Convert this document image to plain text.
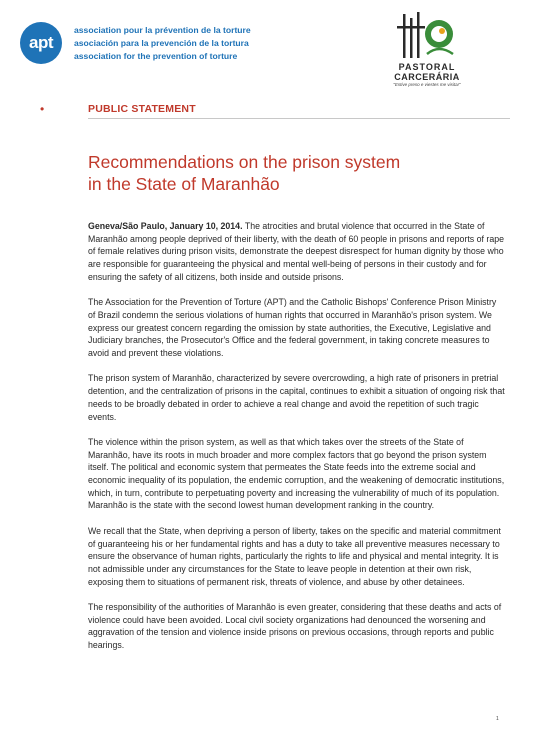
apt
association pour la prévention de la torture
asociación para la prevención de la tortura
association for the prevention of torture
PASTORAL
CARCERÁRIA
"Estive preso e viestes me visitar"
•	PUBLIC STATEMENT
Recommendations on the prison system
in the State of Maranhão

Geneva/São Paulo, January 10, 2014. The atrocities and brutal violence that occurred in the State of Maranhão among people deprived of their liberty, with the death of 60 people in prisons and reports of rape of female relatives during prison visits, demonstrate the deepest disrespect for human dignity by those who are responsible for guaranteeing the physical and mental well-being of persons in their custody and for ensuring the safety of all citizens, both inside and outside prisons.

The Association for the Prevention of Torture (APT) and the Catholic Bishops' Conference Prison Ministry of Brazil condemn the serious violations of human rights that occurred in Maranhão's prison system. We express our greatest concern regarding the omission by state authorities, the Executive, Legislative and Judiciary branches, the Prosecutor's Office and the federal government, in taking concrete measures to avoid and prevent these violations.

The prison system of Maranhão, characterized by severe overcrowding, a high rate of prisoners in pretrial detention, and the centralization of prisons in the capital, continues to exhibit a situation of ongoing risk that needs to be broadly debated in order to achieve a real change and avoid the repetition of such tragic events.

The violence within the prison system, as well as that which takes over the streets of the State of Maranhão, have its roots in much broader and more complex factors that go beyond the prison system itself. The political and economic system that permeates the State feeds into the extreme social and economic inequality of its population, the endemic corruption, and the weakening of democratic institutions, which, in turn, contribute to perpetuating poverty and increasing the vulnerability of much of its population. Maranhão is the state with the second lowest human development ranking in the country.

We recall that the State, when depriving a person of liberty, takes on the specific and material commitment of guaranteeing his or her fundamental rights and has a duty to take all preventive measures necessary to ensure the observance of human rights, particularly the rights to life and physical and mental integrity. It is not admissible under any circumstances for the State to leave people in detention at their own risk, exposing them to situations of permanent risk, threats of violence, and abuse by other detainees.

The responsibility of the authorities of Maranhão is even greater, considering that these deaths and acts of violence could have been avoided. Local civil society organizations had denounced the worsening and aggravation of the tension and violence inside prisons on previous occasions, through reports and public hearings.

1
